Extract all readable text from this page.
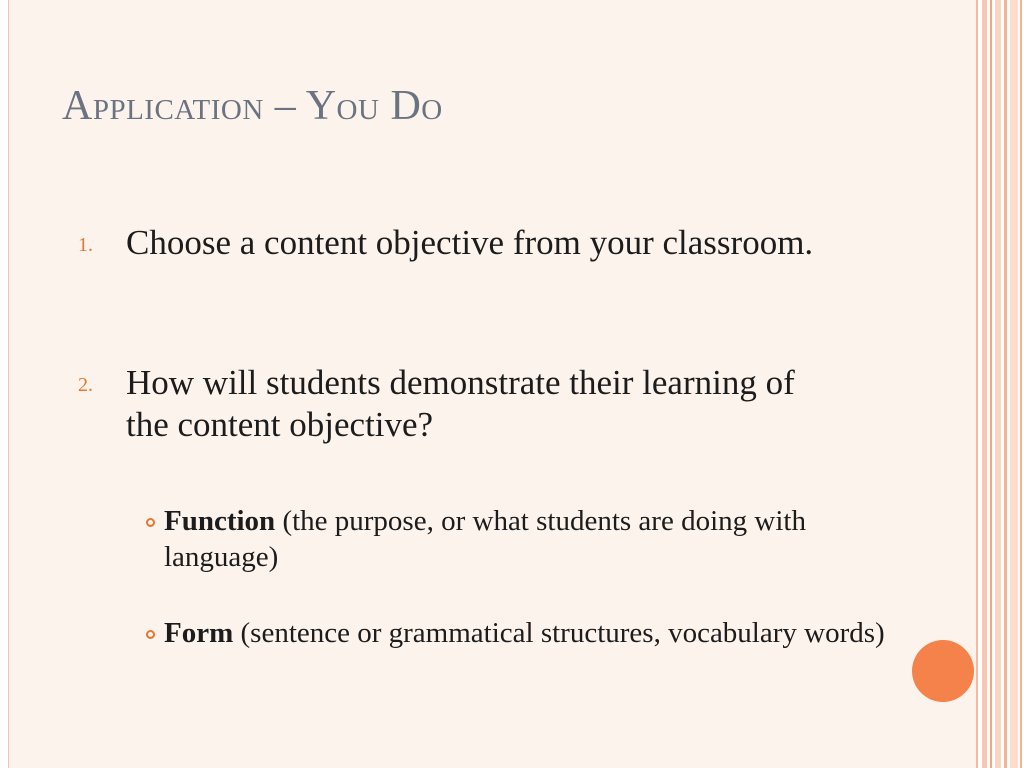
Application – You Do
1. Choose a content objective from your classroom.
2. How will students demonstrate their learning of the content objective?
Function (the purpose, or what students are doing with language)
Form (sentence or grammatical structures, vocabulary words)
